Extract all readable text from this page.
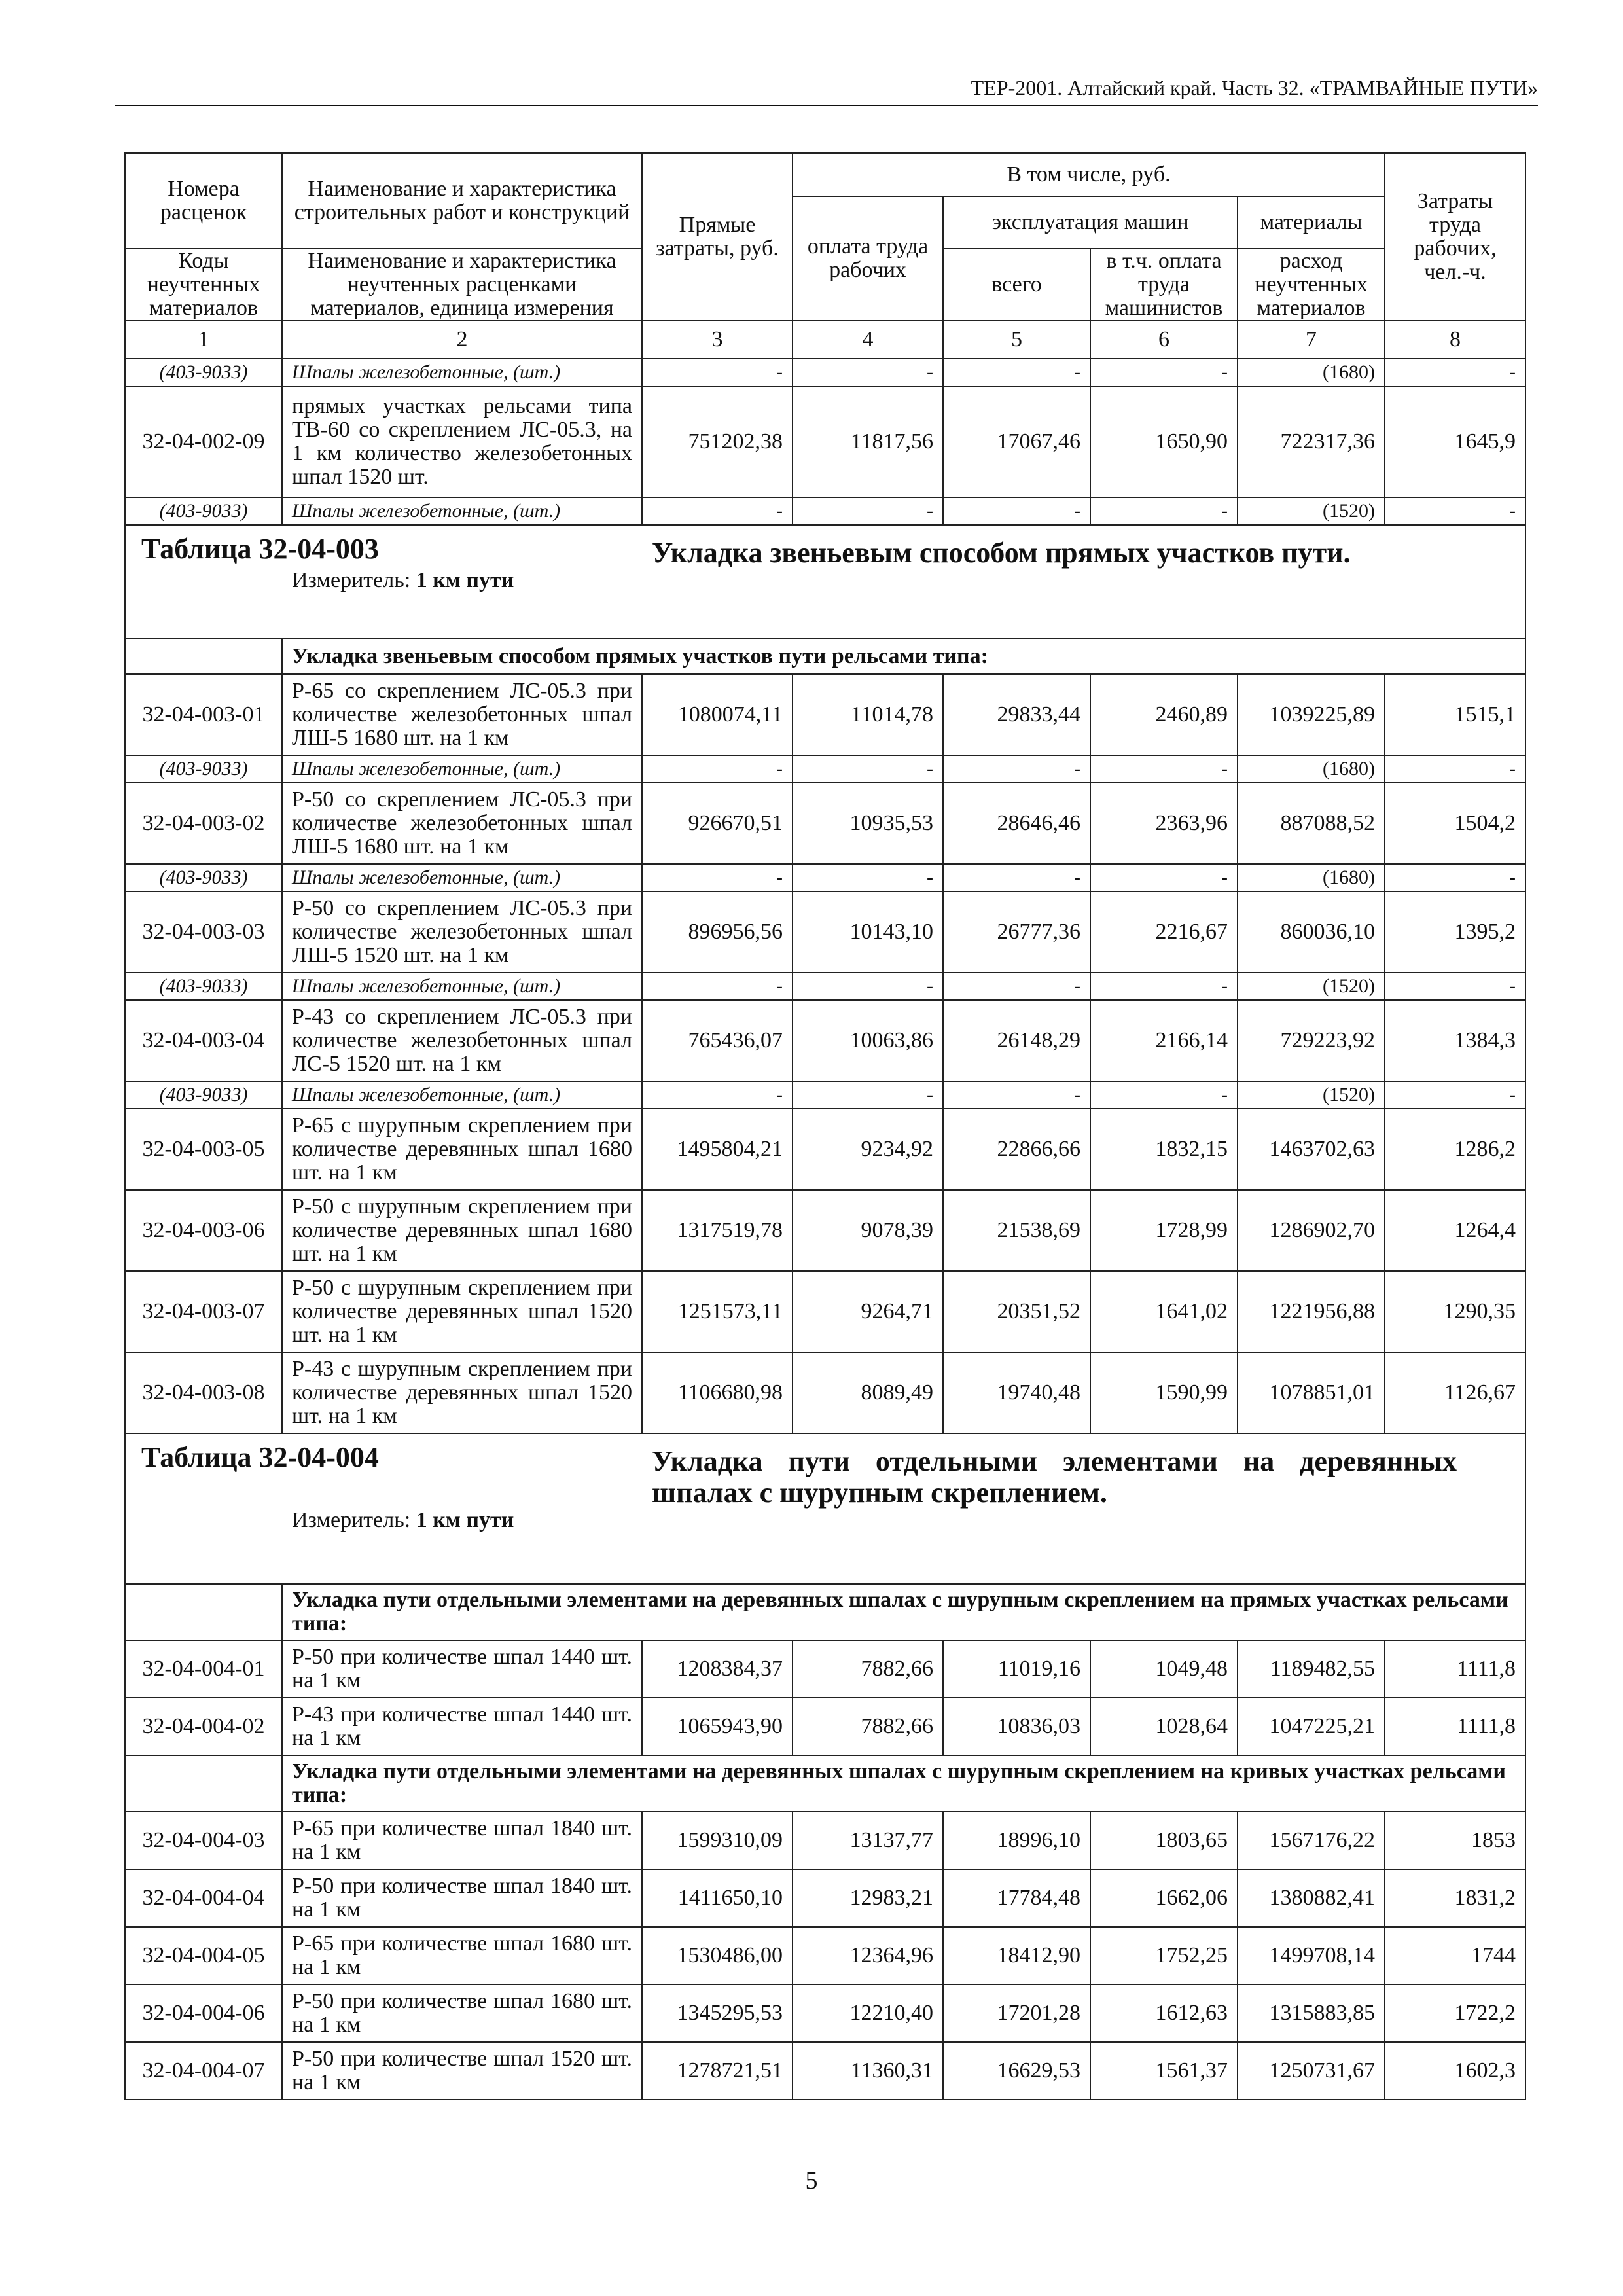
ТЕР-2001. Алтайский край. Часть 32. «ТРАМВАЙНЫЕ ПУТИ»
Номера расценок	Наименование и характеристика строительных работ и конструкций	Прямые затраты, руб.	В том числе, руб.				Затраты труда рабочих, чел.-ч.
			оплата труда рабочих	эксплуатация машин		материалы	
Коды неучтенных материалов	Наименование и характеристика неучтенных расценками материалов, единица измерения			всего	в т.ч. оплата труда машинистов	расход неучтенных материалов	
1	2	3	4	5	6	7	8
(403-9033)	Шпалы железобетонные, (шт.)	-	-	-	-	(1680)	-
32-04-002-09	прямых участках рельсами типа ТВ-60 со скреплением ЛС-05.3, на 1 км количество железобетонных шпал 1520 шт.	751202,38	11817,56	17067,46	1650,90	722317,36	1645,9
(403-9033)	Шпалы железобетонные, (шт.)	-	-	-	-	(1520)	-

Таблица 32-04-003 Укладка звеньевым способом прямых участков пути.
Измеритель: 1 км пути							

	Укладка звеньевым способом прямых участков пути рельсами типа:						
32-04-003-01	Р-65 со скреплением ЛС-05.3 при количестве железобетонных шпал ЛШ-5 1680 шт. на 1 км	1080074,11	11014,78	29833,44	2460,89	1039225,89	1515,1
(403-9033)	Шпалы железобетонные, (шт.)	-	-	-	-	(1680)	-
32-04-003-02	Р-50 со скреплением ЛС-05.3 при количестве железобетонных шпал ЛШ-5 1680 шт. на 1 км	926670,51	10935,53	28646,46	2363,96	887088,52	1504,2
(403-9033)	Шпалы железобетонные, (шт.)	-	-	-	-	(1680)	-
32-04-003-03	Р-50 со скреплением ЛС-05.3 при количестве железобетонных шпал ЛШ-5 1520 шт. на 1 км	896956,56	10143,10	26777,36	2216,67	860036,10	1395,2
(403-9033)	Шпалы железобетонные, (шт.)	-	-	-	-	(1520)	-
32-04-003-04	Р-43 со скреплением ЛС-05.3 при количестве железобетонных шпал ЛС-5 1520 шт. на 1 км	765436,07	10063,86	26148,29	2166,14	729223,92	1384,3
(403-9033)	Шпалы железобетонные, (шт.)	-	-	-	-	(1520)	-
32-04-003-05	Р-65 с шурупным скреплением при количестве деревянных шпал 1680 шт. на 1 км	1495804,21	9234,92	22866,66	1832,15	1463702,63	1286,2
32-04-003-06	Р-50 с шурупным скреплением при количестве деревянных шпал 1680 шт. на 1 км	1317519,78	9078,39	21538,69	1728,99	1286902,70	1264,4
32-04-003-07	Р-50 с шурупным скреплением при количестве деревянных шпал 1520 шт. на 1 км	1251573,11	9264,71	20351,52	1641,02	1221956,88	1290,35
32-04-003-08	Р-43 с шурупным скреплением при количестве деревянных шпал 1520 шт. на 1 км	1106680,98	8089,49	19740,48	1590,99	1078851,01	1126,67

Таблица 32-04-004 Укладка пути отдельными элементами на деревянных шпалах с шурупным скреплением.
Измеритель: 1 км пути							

	Укладка пути отдельными элементами на деревянных шпалах с шурупным скреплением на прямых участках рельсами типа:						
32-04-004-01	Р-50 при количестве шпал 1440 шт. на 1 км	1208384,37	7882,66	11019,16	1049,48	1189482,55	1111,8
32-04-004-02	Р-43 при количестве шпал 1440 шт. на 1 км	1065943,90	7882,66	10836,03	1028,64	1047225,21	1111,8
	Укладка пути отдельными элементами на деревянных шпалах с шурупным скреплением на кривых участках рельсами типа:						
32-04-004-03	Р-65 при количестве шпал 1840 шт. на 1 км	1599310,09	13137,77	18996,10	1803,65	1567176,22	1853
32-04-004-04	Р-50 при количестве шпал 1840 шт. на 1 км	1411650,10	12983,21	17784,48	1662,06	1380882,41	1831,2
32-04-004-05	Р-65 при количестве шпал 1680 шт. на 1 км	1530486,00	12364,96	18412,90	1752,25	1499708,14	1744
32-04-004-06	Р-50 при количестве шпал 1680 шт. на 1 км	1345295,53	12210,40	17201,28	1612,63	1315883,85	1722,2
32-04-004-07	Р-50 при количестве шпал 1520 шт. на 1 км	1278721,51	11360,31	16629,53	1561,37	1250731,67	1602,3
5
